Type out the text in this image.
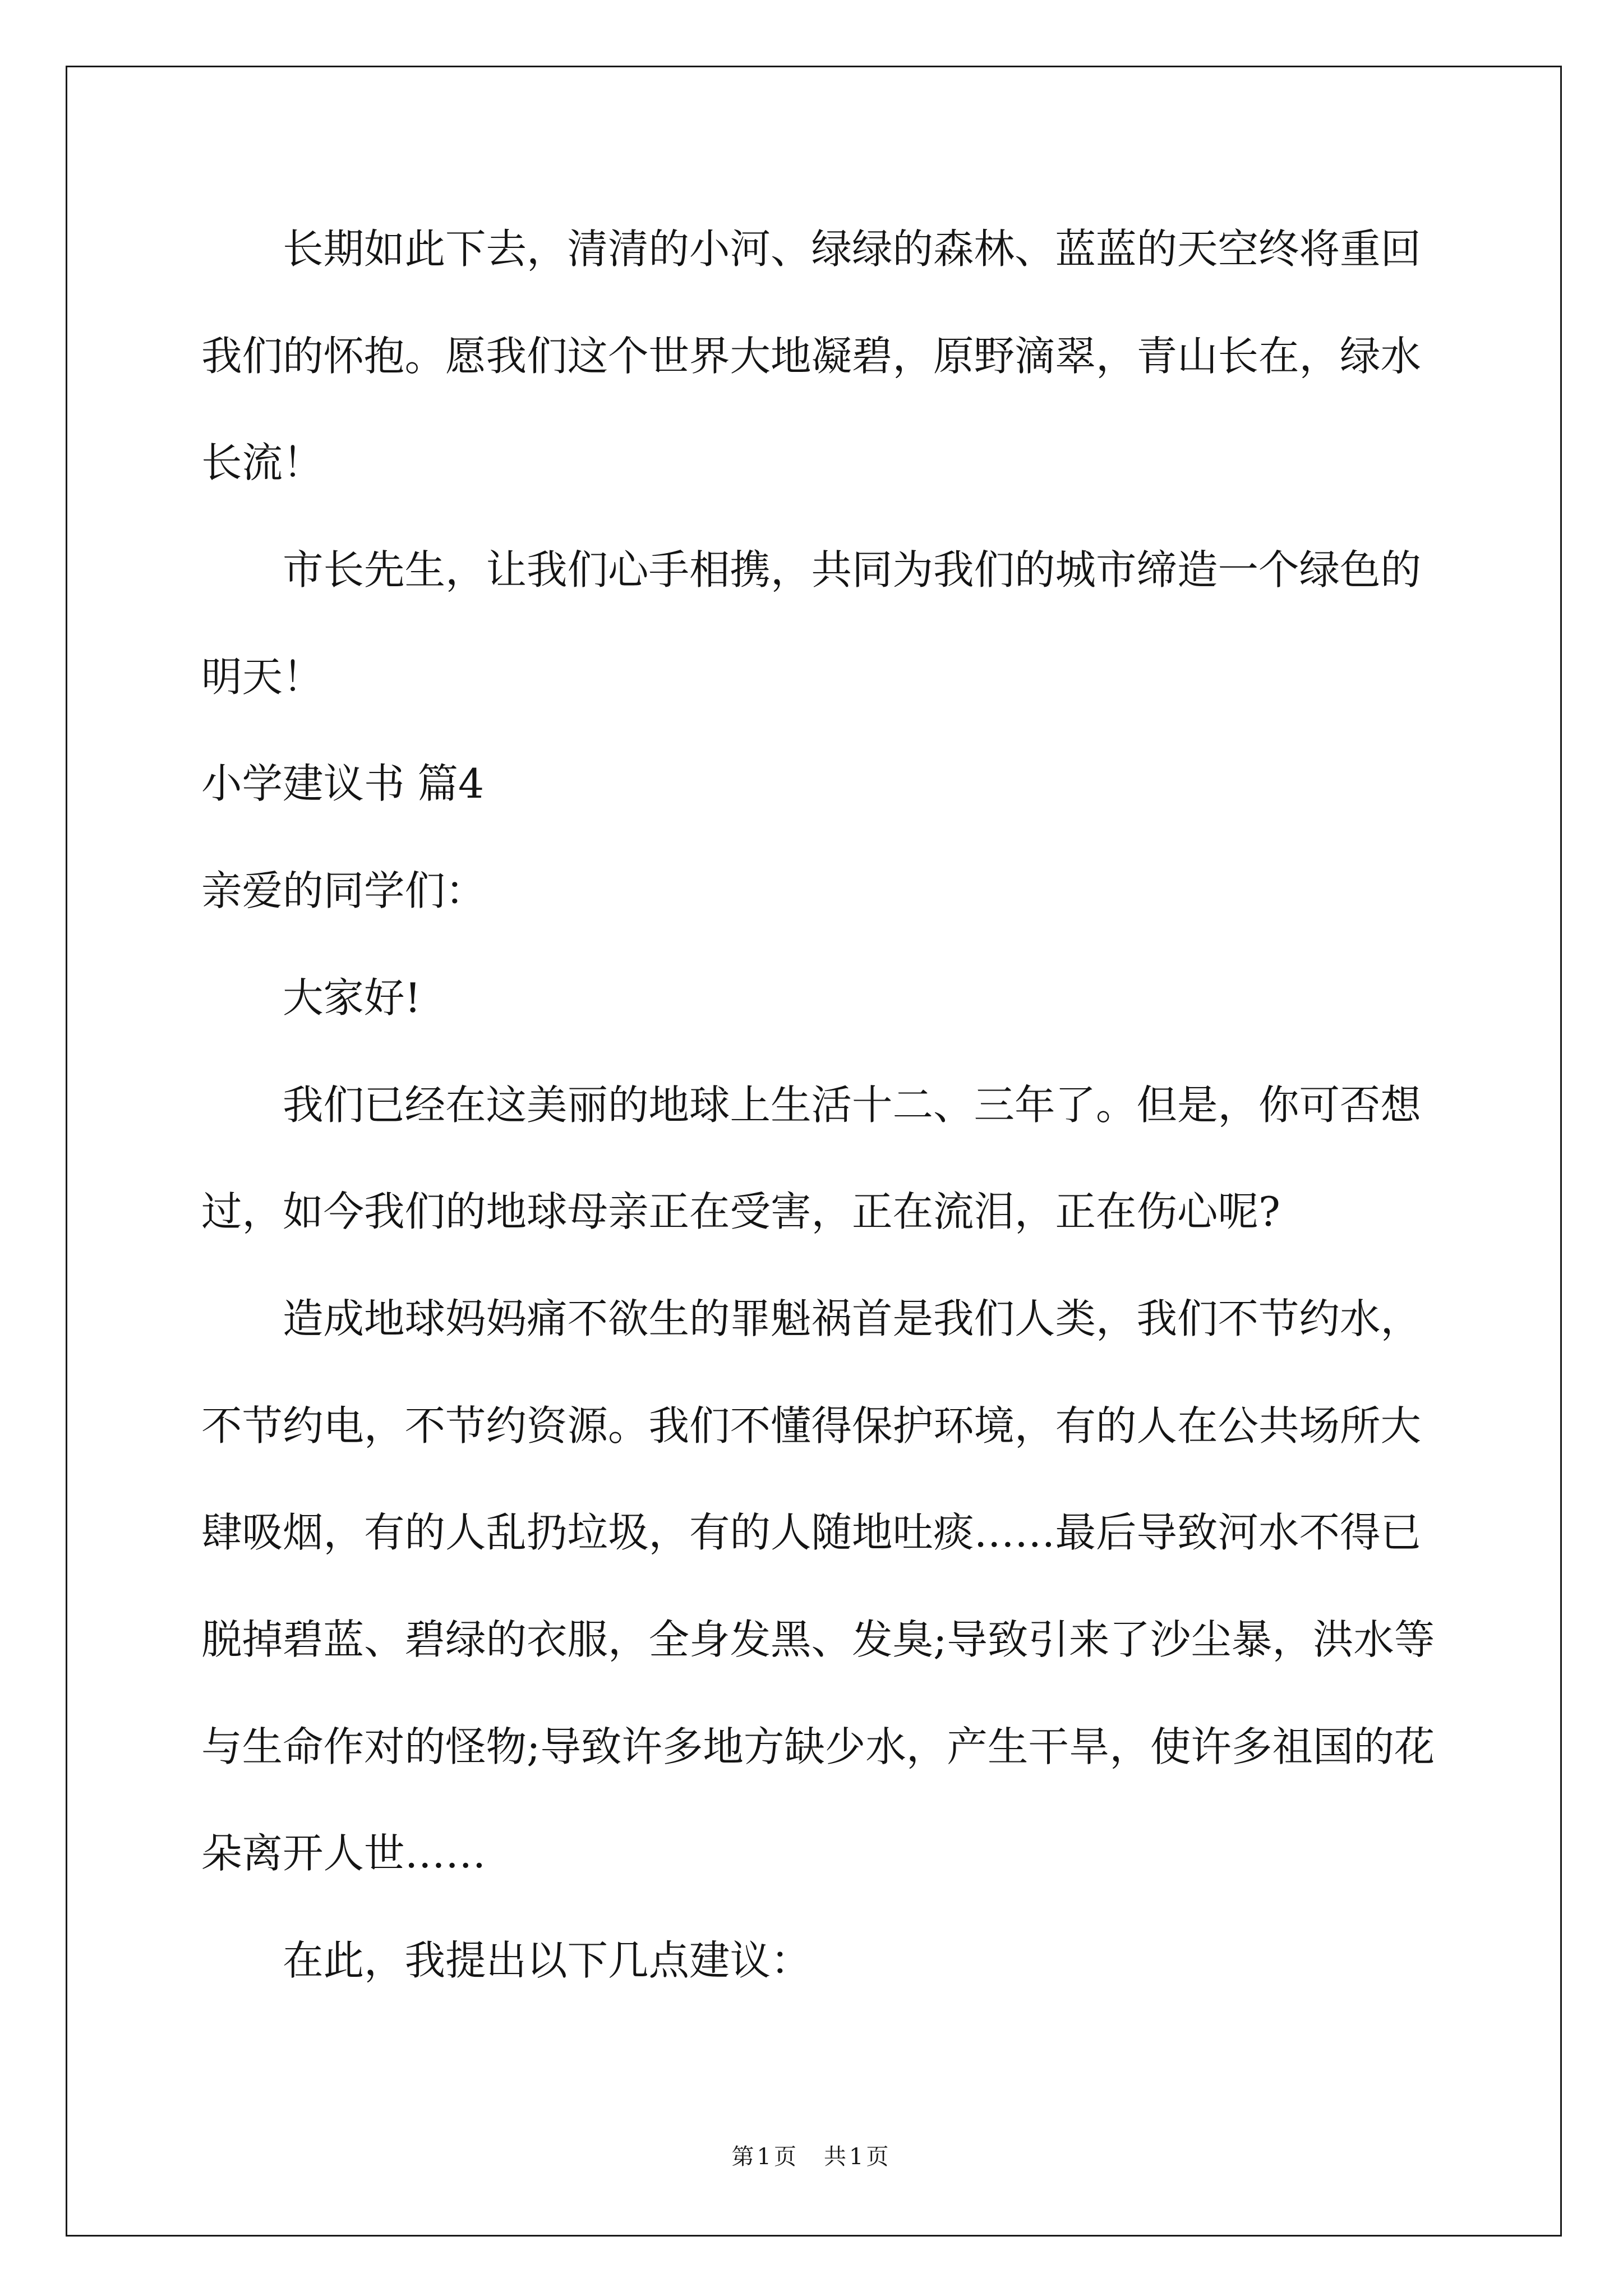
长期如此下去，清清的小河、绿绿的森林、蓝蓝的天空终将重回
我们的怀抱。愿我们这个世界大地凝碧，原野滴翠，青山长在，绿水
长流！
市长先生，让我们心手相携，共同为我们的城市缔造一个绿色的
明天！
小学建议书 篇4
亲爱的同学们：
大家好!
我们已经在这美丽的地球上生活十二、三年了。但是，你可否想
过，如今我们的地球母亲正在受害，正在流泪，正在伤心呢?
造成地球妈妈痛不欲生的罪魁祸首是我们人类，我们不节约水，
不节约电，不节约资源。我们不懂得保护环境，有的人在公共场所大
肆吸烟，有的人乱扔垃圾，有的人随地吐痰……最后导致河水不得已
脱掉碧蓝、碧绿的衣服，全身发黑、发臭;导致引来了沙尘暴，洪水等
与生命作对的怪物;导致许多地方缺少水，产生干旱，使许多祖国的花
朵离开人世……
在此，我提出以下几点建议：
第1页 共1页
